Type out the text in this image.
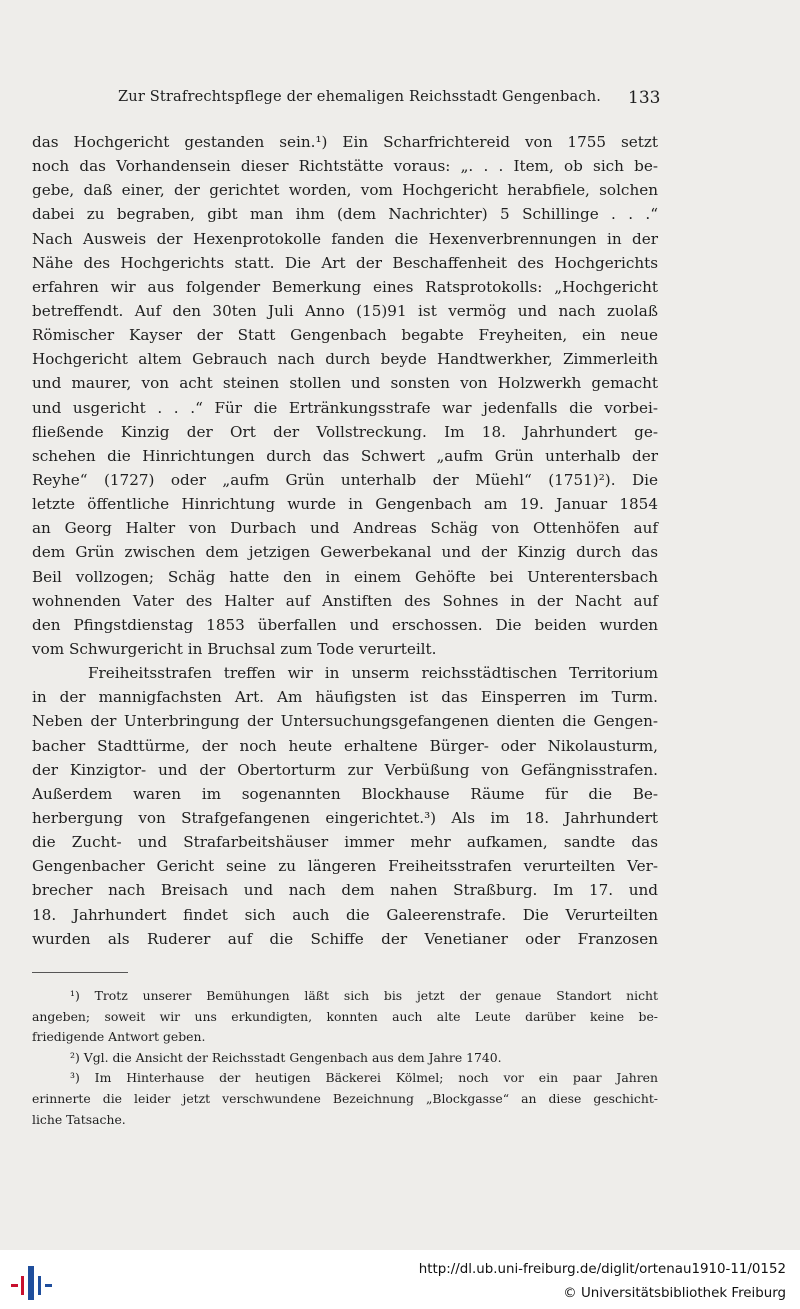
Zur Strafrechtspflege der ehemaligen Reichsstadt Gengenbach.	133
das Hochgericht gestanden sein.¹) Ein Scharfrichtereid von 1755 setzt
noch das Vorhandensein dieser Richtstätte voraus: „. . . Item, ob sich be-
gebe, daß einer, der gerichtet worden, vom Hochgericht herabfiele, solchen
dabei zu begraben, gibt man ihm (dem Nachrichter) 5 Schillinge . . .“
Nach Ausweis der Hexenprotokolle fanden die Hexenverbrennungen in der
Nähe des Hochgerichts statt. Die Art der Beschaffenheit des Hochgerichts
erfahren wir aus folgender Bemerkung eines Ratsprotokolls: „Hochgericht
betreffendt. Auf den 30ten Juli Anno (15)91 ist vermög und nach zuolaß
Römischer Kayser der Statt Gengenbach begabte Freyheiten, ein neue
Hochgericht altem Gebrauch nach durch beyde Handtwerkher, Zimmerleith
und maurer, von acht steinen stollen und sonsten von Holzwerkh gemacht
und usgericht . . .“ Für die Ertränkungsstrafe war jedenfalls die vorbei-
fließende Kinzig der Ort der Vollstreckung. Im 18. Jahrhundert ge-
schehen die Hinrichtungen durch das Schwert „aufm Grün unterhalb der
Reyhe“ (1727) oder „aufm Grün unterhalb der Müehl“ (1751)²). Die
letzte öffentliche Hinrichtung wurde in Gengenbach am 19. Januar 1854
an Georg Halter von Durbach und Andreas Schäg von Ottenhöfen auf
dem Grün zwischen dem jetzigen Gewerbekanal und der Kinzig durch das
Beil vollzogen; Schäg hatte den in einem Gehöfte bei Unterentersbach
wohnenden Vater des Halter auf Anstiften des Sohnes in der Nacht auf
den Pfingstdienstag 1853 überfallen und erschossen. Die beiden wurden
vom Schwurgericht in Bruchsal zum Tode verurteilt.
Freiheitsstrafen treffen wir in unserm reichsstädtischen Territorium
in der mannigfachsten Art. Am häufigsten ist das Einsperren im Turm.
Neben der Unterbringung der Untersuchungsgefangenen dienten die Gengen-
bacher Stadttürme, der noch heute erhaltene Bürger- oder Nikolausturm,
der Kinzigtor- und der Obertorturm zur Verbüßung von Gefängnisstrafen.
Außerdem waren im sogenannten Blockhause Räume für die Be-
herbergung von Strafgefangenen eingerichtet.³) Als im 18. Jahrhundert
die Zucht- und Strafarbeitshäuser immer mehr aufkamen, sandte das
Gengenbacher Gericht seine zu längeren Freiheitsstrafen verurteilten Ver-
brecher nach Breisach und nach dem nahen Straßburg. Im 17. und
18. Jahrhundert findet sich auch die Galeerenstrafe. Die Verurteilten
wurden als Ruderer auf die Schiffe der Venetianer oder Franzosen
¹) Trotz unserer Bemühungen läßt sich bis jetzt der genaue Standort nicht
angeben; soweit wir uns erkundigten, konnten auch alte Leute darüber keine be-
friedigende Antwort geben.
²) Vgl. die Ansicht der Reichsstadt Gengenbach aus dem Jahre 1740.
³) Im Hinterhause der heutigen Bäckerei Kölmel; noch vor ein paar Jahren
erinnerte die leider jetzt verschwundene Bezeichnung „Blockgasse“ an diese geschicht-
liche Tatsache.
http://dl.ub.uni-freiburg.de/diglit/ortenau1910-11/0152
© Universitätsbibliothek Freiburg
